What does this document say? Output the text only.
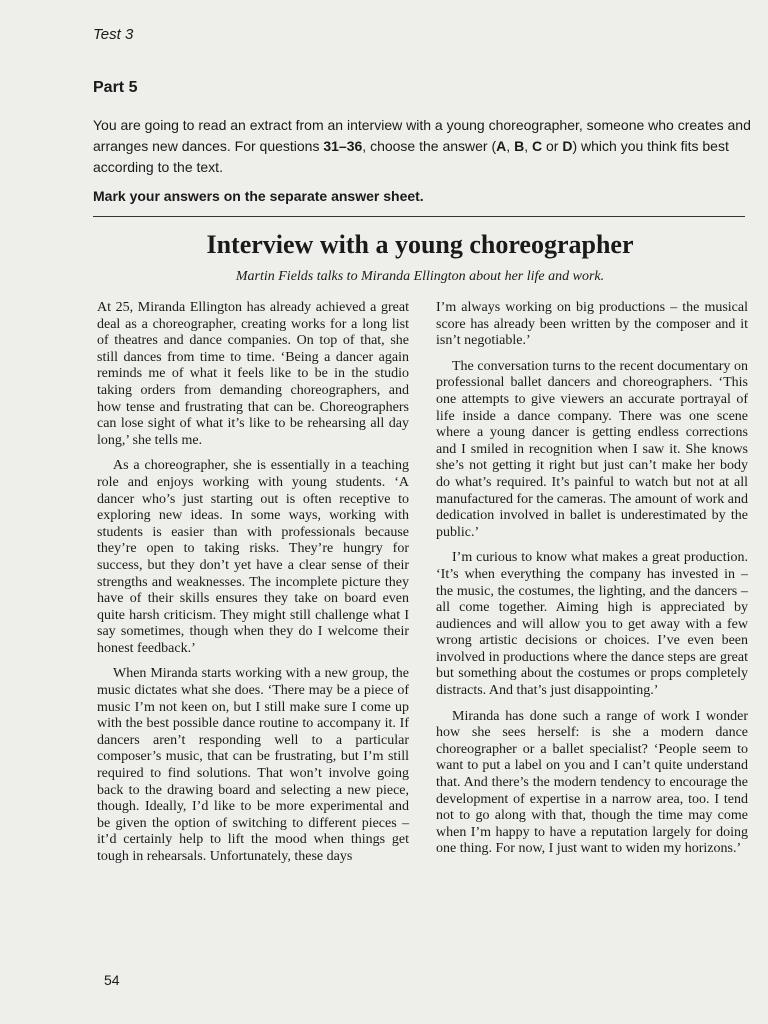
Test 3
Part 5
You are going to read an extract from an interview with a young choreographer, someone who creates and arranges new dances. For questions 31–36, choose the answer (A, B, C or D) which you think fits best according to the text.
Mark your answers on the separate answer sheet.
Interview with a young choreographer
Martin Fields talks to Miranda Ellington about her life and work.

At 25, Miranda Ellington has already achieved a great deal as a choreographer, creating works for a long list of theatres and dance companies. On top of that, she still dances from time to time. ‘Being a dancer again reminds me of what it feels like to be in the studio taking orders from demanding choreographers, and how tense and frustrating that can be. Choreographers can lose sight of what it’s like to be rehearsing all day long,’ she tells me.

As a choreographer, she is essentially in a teaching role and enjoys working with young students. ‘A dancer who’s just starting out is often receptive to exploring new ideas. In some ways, working with students is easier than with professionals because they’re open to taking risks. They’re hungry for success, but they don’t yet have a clear sense of their strengths and weaknesses. The incomplete picture they have of their skills ensures they take on board even quite harsh criticism. They might still challenge what I say sometimes, though when they do I welcome their honest feedback.’

When Miranda starts working with a new group, the music dictates what she does. ‘There may be a piece of music I’m not keen on, but I still make sure I come up with the best possible dance routine to accompany it. If dancers aren’t responding well to a particular composer’s music, that can be frustrating, but I’m still required to find solutions. That won’t involve going back to the drawing board and selecting a new piece, though. Ideally, I’d like to be more experimental and be given the option of switching to different pieces – it’d certainly help to lift the mood when things get tough in rehearsals. Unfortunately, these days

I’m always working on big productions – the musical score has already been written by the composer and it isn’t negotiable.’

The conversation turns to the recent documentary on professional ballet dancers and choreographers. ‘This one attempts to give viewers an accurate portrayal of life inside a dance company. There was one scene where a young dancer is getting endless corrections and I smiled in recognition when I saw it. She knows she’s not getting it right but just can’t make her body do what’s required. It’s painful to watch but not at all manufactured for the cameras. The amount of work and dedication involved in ballet is underestimated by the public.’

I’m curious to know what makes a great production. ‘It’s when everything the company has invested in – the music, the costumes, the lighting, and the dancers – all come together. Aiming high is appreciated by audiences and will allow you to get away with a few wrong artistic decisions or choices. I’ve even been involved in productions where the dance steps are great but something about the costumes or props completely distracts. And that’s just disappointing.’

Miranda has done such a range of work I wonder how she sees herself: is she a modern dance choreographer or a ballet specialist? ‘People seem to want to put a label on you and I can’t quite understand that. And there’s the modern tendency to encourage the development of expertise in a narrow area, too. I tend not to go along with that, though the time may come when I’m happy to have a reputation largely for doing one thing. For now, I just want to widen my horizons.’

54
